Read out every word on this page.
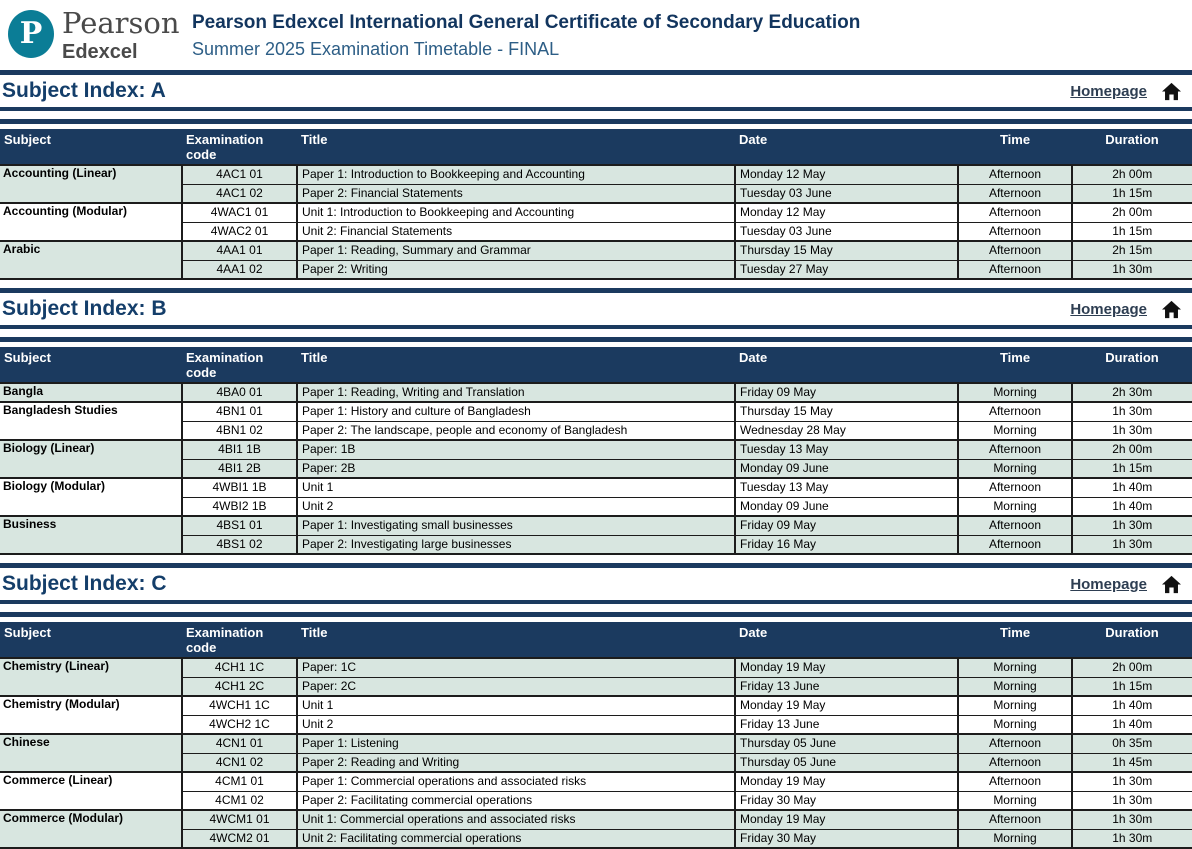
P Pearson
Edexcel
Pearson Edexcel International General Certificate of Secondary Education
Summer 2025 Examination Timetable - FINAL
Subject Index: A	Homepage
Subject	Examination code	Title	Date	Time	Duration
Accounting (Linear)	4AC1 01	Paper 1: Introduction to Bookkeeping and Accounting	Monday 12 May	Afternoon	2h 00m
	4AC1 02	Paper 2: Financial Statements	Tuesday 03 June	Afternoon	1h 15m
Accounting (Modular)	4WAC1 01	Unit 1: Introduction to Bookkeeping and Accounting	Monday 12 May	Afternoon	2h 00m
	4WAC2 01	Unit 2: Financial Statements	Tuesday 03 June	Afternoon	1h 15m
Arabic	4AA1 01	Paper 1: Reading, Summary and Grammar	Thursday 15 May	Afternoon	2h 15m
	4AA1 02	Paper 2: Writing	Tuesday 27 May	Afternoon	1h 30m
Subject Index: B	Homepage
Subject	Examination code	Title	Date	Time	Duration
Bangla	4BA0 01	Paper 1: Reading, Writing and Translation	Friday 09 May	Morning	2h 30m
Bangladesh Studies	4BN1 01	Paper 1: History and culture of Bangladesh	Thursday 15 May	Afternoon	1h 30m
	4BN1 02	Paper 2: The landscape, people and economy of Bangladesh	Wednesday 28 May	Morning	1h 30m
Biology (Linear)	4BI1 1B	Paper: 1B	Tuesday 13 May	Afternoon	2h 00m
	4BI1 2B	Paper: 2B	Monday 09 June	Morning	1h 15m
Biology (Modular)	4WBI1 1B	Unit 1	Tuesday 13 May	Afternoon	1h 40m
	4WBI2 1B	Unit 2	Monday 09 June	Morning	1h 40m
Business	4BS1 01	Paper 1: Investigating small businesses	Friday 09 May	Afternoon	1h 30m
	4BS1 02	Paper 2: Investigating large businesses	Friday 16 May	Afternoon	1h 30m
Subject Index: C	Homepage
Subject	Examination code	Title	Date	Time	Duration
Chemistry (Linear)	4CH1 1C	Paper: 1C	Monday 19 May	Morning	2h 00m
	4CH1 2C	Paper: 2C	Friday 13 June	Morning	1h 15m
Chemistry (Modular)	4WCH1 1C	Unit 1	Monday 19 May	Morning	1h 40m
	4WCH2 1C	Unit 2	Friday 13 June	Morning	1h 40m
Chinese	4CN1 01	Paper 1: Listening	Thursday 05 June	Afternoon	0h 35m
	4CN1 02	Paper 2: Reading and Writing	Thursday 05 June	Afternoon	1h 45m
Commerce (Linear)	4CM1 01	Paper 1: Commercial operations and associated risks	Monday 19 May	Afternoon	1h 30m
	4CM1 02	Paper 2: Facilitating commercial operations	Friday 30 May	Morning	1h 30m
Commerce (Modular)	4WCM1 01	Unit 1: Commercial operations and associated risks	Monday 19 May	Afternoon	1h 30m
	4WCM2 01	Unit 2: Facilitating commercial operations	Friday 30 May	Morning	1h 30m
